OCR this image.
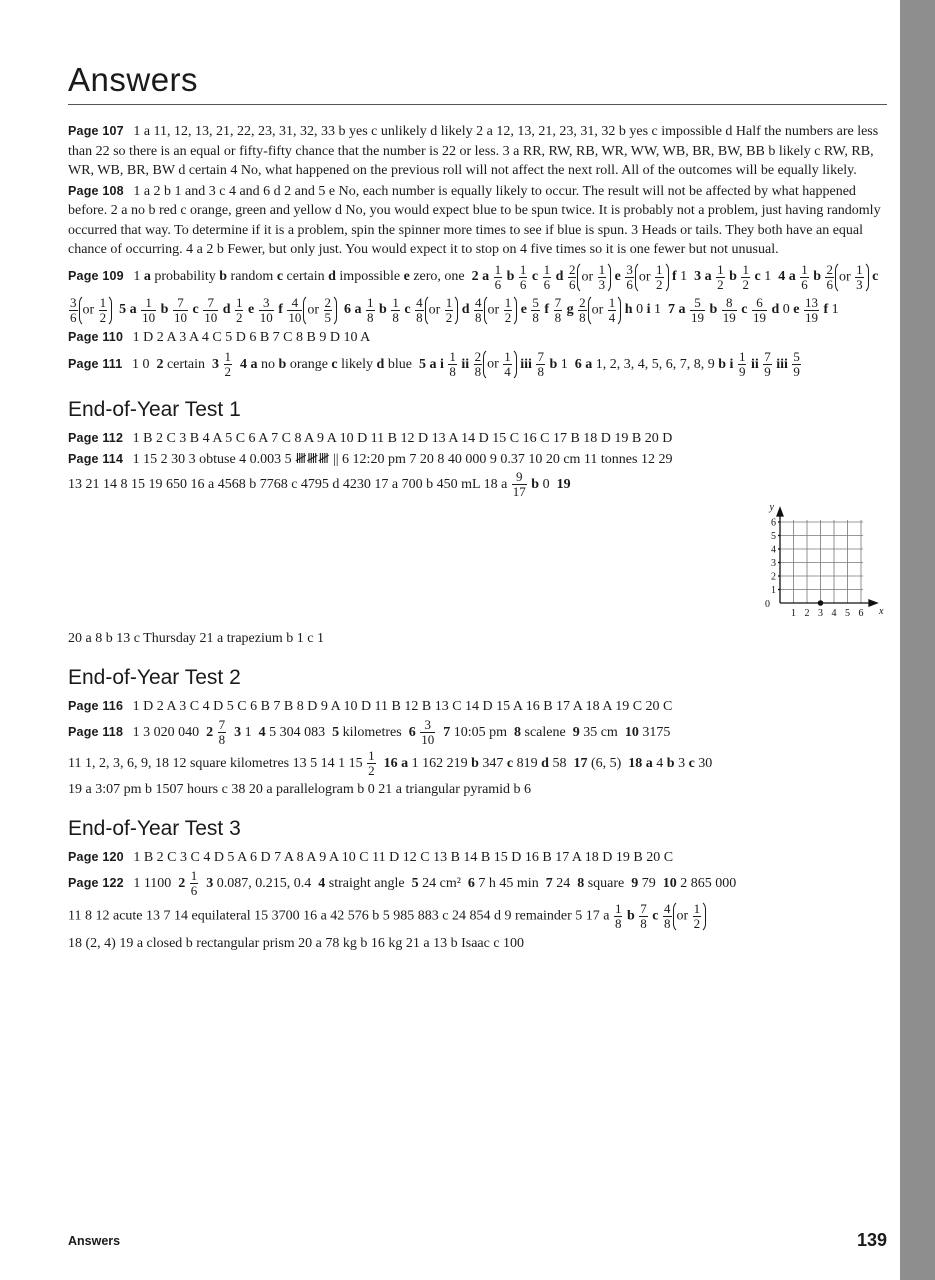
Answers

Page 107 1 a 11, 12, 13, 21, 22, 23, 31, 32, 33 b yes c unlikely d likely 2 a 12, 13, 21, 23, 31, 32 b yes c impossible d Half the numbers are less than 22 so there is an equal or fifty-fifty chance that the number is 22 or less. 3 a RR, RW, RB, WR, WW, WB, BR, BW, BB b likely c RW, RB, WR, WB, BR, BW d certain 4 No, what happened on the previous roll will not affect the next roll. All of the outcomes will be equally likely.

Page 108 1 a 2 b 1 and 3 c 4 and 6 d 2 and 5 e No, each number is equally likely to occur. The result will not be affected by what happened before. 2 a no b red c orange, green and yellow d No, you would expect blue to be spun twice. It is probably not a problem, just having randomly occurred that way. To determine if it is a problem, spin the spinner more times to see if blue is spun. 3 Heads or tails. They both have an equal chance of occurring. 4 a 2 b Fewer, but only just. You would expect it to stop on 4 five times so it is one fewer but not unusual.

Page 109 1 a probability b random c certain d impossible e zero, one  2 a $\frac{1}{6}$ b $\frac{1}{6}$ c $\frac{1}{6}$ d $\frac{2}{6}$ or $\frac{1}{3}$ e $\frac{3}{6}$ or $\frac{1}{2}$ f 1  3 a $\frac{1}{2}$ b $\frac{1}{2}$ c 1  4 a $\frac{1}{6}$ b $\frac{2}{6}$ or $\frac{1}{3}$ c
$\frac{3}{6}$ or $\frac{1}{2} 5$ a $\frac{1}{10}$ b $\frac{7}{10}$ c $\frac{7}{10}$ d $\frac{1}{2}$ e $\frac{3}{10}$ f $\frac{4}{10}$ or $\frac{2}{5} 6$ a $\frac{1}{8}$ b $\frac{1}{8}$ c $\frac{4}{8}$ or $\frac{1}{2}$ d $\frac{4}{8}$ or $\frac{1}{2}$ e $\frac{5}{8}$ f $\frac{7}{8}$ g $\frac{2}{8}$ or $\frac{1}{4}$ h 0 i 1  7 a $\frac{5}{19}$ b $\frac{8}{19}$ c $\frac{6}{19}$ d 0 e $\frac{13}{19}$ f 1

Page 110 1 D 2 A 3 A 4 C 5 D 6 B 7 C 8 B 9 D 10 A

Page 111 1 0  2 certain  $3 \frac{1}{2} 4$ a no b orange c likely d blue  5 a i $\frac{1}{8}$ ii $\frac{2}{8}$ or $\frac{1}{4}$ iii $\frac{7}{8}$ b 1  6 a 1, 2, 3, 4, 5, 6, 7, 8, 9 b i $\frac{1}{9}$ ii $\frac{7}{9}$ iii $\frac{5}{9}$

End-of-Year Test 1

Page 112 1 B 2 C 3 B 4 A 5 C 6 A 7 C 8 A 9 A 10 D 11 B 12 D 13 A 14 D 15 C 16 C 17 B 18 D 19 B 20 D

Page 114 1 15 2 30 3 obtuse 4 0.003 5 𝍸𝍸𝍸 || 6 12:20 pm 7 20 8 40 000 9 0.37 10 20 cm 11 tonnes 12 29

13 21 14 8 15 19 650 16 a 4568 b 7768 c 4795 d 4230 17 a 700 b 450 mL 18 a $\frac{9}{17}$ b 0  19

6
5
4
3
2
1
1 2 3 4 5 6
0
y
x

20 a 8 b 13 c Thursday 21 a trapezium b 1 c 1

End-of-Year Test 2

Page 116 1 D 2 A 3 C 4 D 5 C 6 B 7 B 8 D 9 A 10 D 11 B 12 B 13 C 14 D 15 A 16 B 17 A 18 A 19 C 20 C

Page 118 1 3 020 040  $2 \frac{7}{8} 3$ 1  4 5 304 083  5 kilometres  $6 \frac{3}{10} 7$ 10:05 pm  8 scalene  9 35 cm  10 3175

11 1, 2, 3, 6, 9, 18 12 square kilometres 13 5 14 1 $15 \frac{1}{2} 16$ a 1 162 219 b 347 c 819 d 58  17 (6, 5)  18 a 4 b 3 c 30

19 a 3:07 pm b 1507 hours c 38 20 a parallelogram b 0 21 a triangular pyramid b 6

End-of-Year Test 3

Page 120 1 B 2 C 3 C 4 D 5 A 6 D 7 A 8 A 9 A 10 C 11 D 12 C 13 B 14 B 15 D 16 B 17 A 18 D 19 B 20 C

Page 122 1 1100  $2 \frac{1}{6} 3$ 0.087, 0.215, 0.4  4 straight angle  5 24 cm²  6 7 h 45 min  7 24  8 square  9 79  10 2 865 000

11 8 12 acute 13 7 14 equilateral 15 3700 16 a 42 576 b 5 985 883 c 24 854 d 9 remainder 5 17 a $\frac{1}{8}$ b $\frac{7}{8}$ c $\frac{4}{8}$ or $\frac{1}{2}$

18 (2, 4) 19 a closed b rectangular prism 20 a 78 kg b 16 kg 21 a 13 b Isaac c 100

Answers	139
